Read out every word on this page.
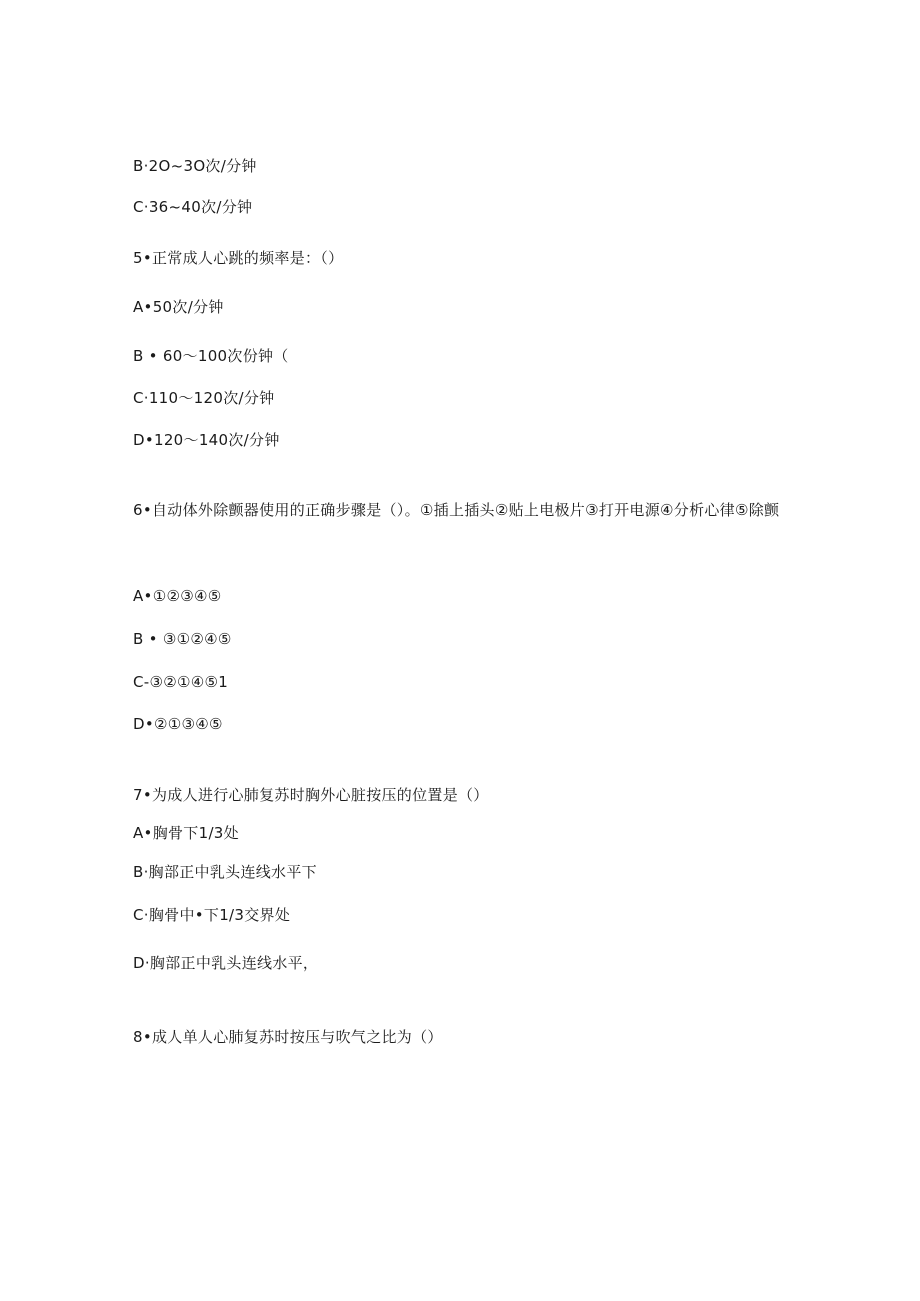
B·2O~3O次/分钟
C·36~40次/分钟
5•正常成人心跳的频率是：（）
A•50次/分钟
B • 60～100次份钟（
C·110～120次/分钟
D•120～140次/分钟
6•自动体外除颤器使用的正确步骤是（）。①插上插头②贴上电极片③打开电源④分析心律⑤除颤
A•①②③④⑤
B • ③①②④⑤
C-③②①④⑤1
D•②①③④⑤
7•为成人进行心肺复苏时胸外心脏按压的位置是（）
A•胸骨下1/3处
B·胸部正中乳头连线水平下
C·胸骨中•下1/3交界处
D·胸部正中乳头连线水平，
8•成人单人心肺复苏时按压与吹气之比为（）
